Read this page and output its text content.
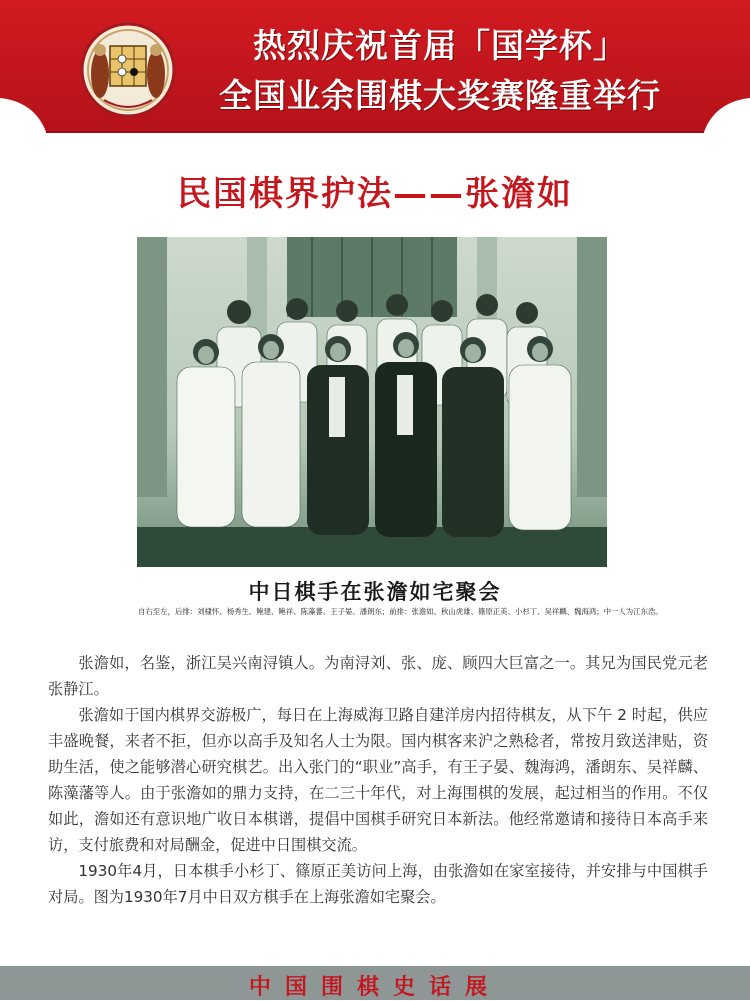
热烈庆祝首届「国学杯」
全国业余围棋大奖赛隆重举行
民国棋界护法——张澹如
中日棋手在张澹如宅聚会
自右至左，后排：刘棣怀、杨秀生、鲍建、鲍祥、陈藻蕃、王子晏、潘朗东；前排：张澹如、秋山虎雄、篠原正美、小杉丁、吴祥麟、魏海鸿；中一人为江东浩。

张澹如，名鉴，浙江吴兴南浔镇人。为南浔刘、张、庞、顾四大巨富之一。其兄为国民党元老张静江。

张澹如于国内棋界交游极广，每日在上海威海卫路自建洋房内招待棋友，从下午 2 时起，供应丰盛晚餐，来者不拒，但亦以高手及知名人士为限。国内棋客来沪之熟稔者，常按月致送津贴，资助生活，使之能够潜心研究棋艺。出入张门的“职业”高手，有王子晏、魏海鸿，潘朗东、吴祥麟、陈藻藩等人。由于张澹如的鼎力支持，在二三十年代，对上海围棋的发展，起过相当的作用。不仅如此，澹如还有意识地广收日本棋谱，提倡中国棋手研究日本新法。他经常邀请和接待日本高手来访，支付旅费和对局酬金，促进中日围棋交流。

1930年4月，日本棋手小杉丁、篠原正美访问上海，由张澹如在家室接待，并安排与中国棋手对局。图为1930年7月中日双方棋手在上海张澹如宅聚会。

中国围棋史话展
